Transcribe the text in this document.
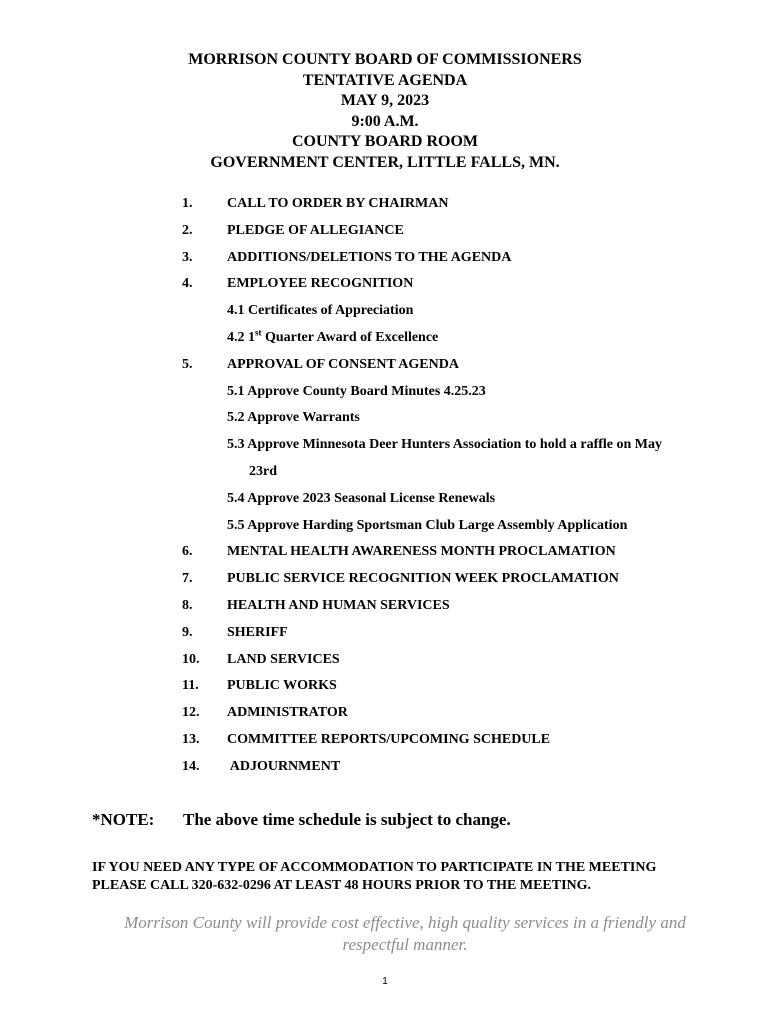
MORRISON COUNTY BOARD OF COMMISSIONERS
TENTATIVE AGENDA
MAY 9, 2023
9:00 A.M.
COUNTY BOARD ROOM
GOVERNMENT CENTER, LITTLE FALLS, MN.
1. CALL TO ORDER BY CHAIRMAN
2. PLEDGE OF ALLEGIANCE
3. ADDITIONS/DELETIONS TO THE AGENDA
4. EMPLOYEE RECOGNITION
4.1 Certificates of Appreciation
4.2 1st Quarter Award of Excellence
5. APPROVAL OF CONSENT AGENDA
5.1 Approve County Board Minutes 4.25.23
5.2 Approve Warrants
5.3 Approve Minnesota Deer Hunters Association to hold a raffle on May
23rd
5.4 Approve 2023 Seasonal License Renewals
5.5 Approve Harding Sportsman Club Large Assembly Application
6. MENTAL HEALTH AWARENESS MONTH PROCLAMATION
7. PUBLIC SERVICE RECOGNITION WEEK PROCLAMATION
8. HEALTH AND HUMAN SERVICES
9. SHERIFF
10. LAND SERVICES
11. PUBLIC WORKS
12. ADMINISTRATOR
13. COMMITTEE REPORTS/UPCOMING SCHEDULE
14. ADJOURNMENT
*NOTE: The above time schedule is subject to change.
IF YOU NEED ANY TYPE OF ACCOMMODATION TO PARTICIPATE IN THE MEETING
PLEASE CALL 320-632-0296 AT LEAST 48 HOURS PRIOR TO THE MEETING.
Morrison County will provide cost effective, high quality services in a friendly and respectful manner.
1
